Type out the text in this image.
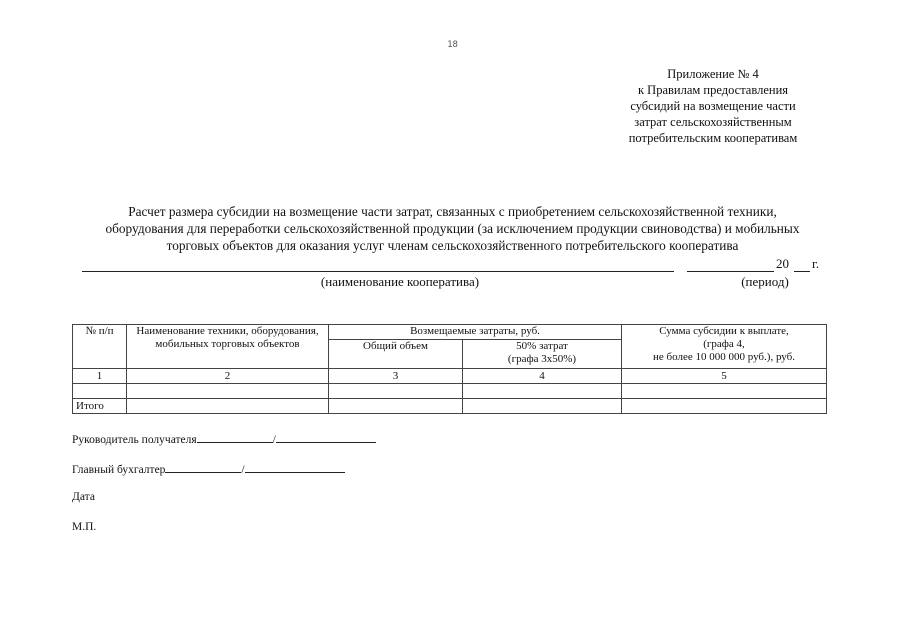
18
Приложение № 4
к Правилам предоставления
субсидий на возмещение части
затрат сельскохозяйственным
потребительским кооперативам
Расчет размера субсидии на возмещение части затрат, связанных с приобретением сельскохозяйственной техники,
оборудования для переработки сельскохозяйственной продукции (за исключением продукции свиноводства) и мобильных
торговых объектов для оказания услуг членам сельскохозяйственного потребительского кооператива
20 г.
(наименование кооператива)	(период)
№ п/п	Наименование техники, оборудования, мобильных торговых объектов	Возмещаемые затраты, руб.		Сумма субсидии к выплате,
(графа 4,
не более 10 000 000 руб.), руб.

		Общий объем	50% затрат
(графа 3х50%)	

1	2	3	4	5

Итого				
Руководитель получателя	/
Главный бухгалтер	/
Дата
М.П.
